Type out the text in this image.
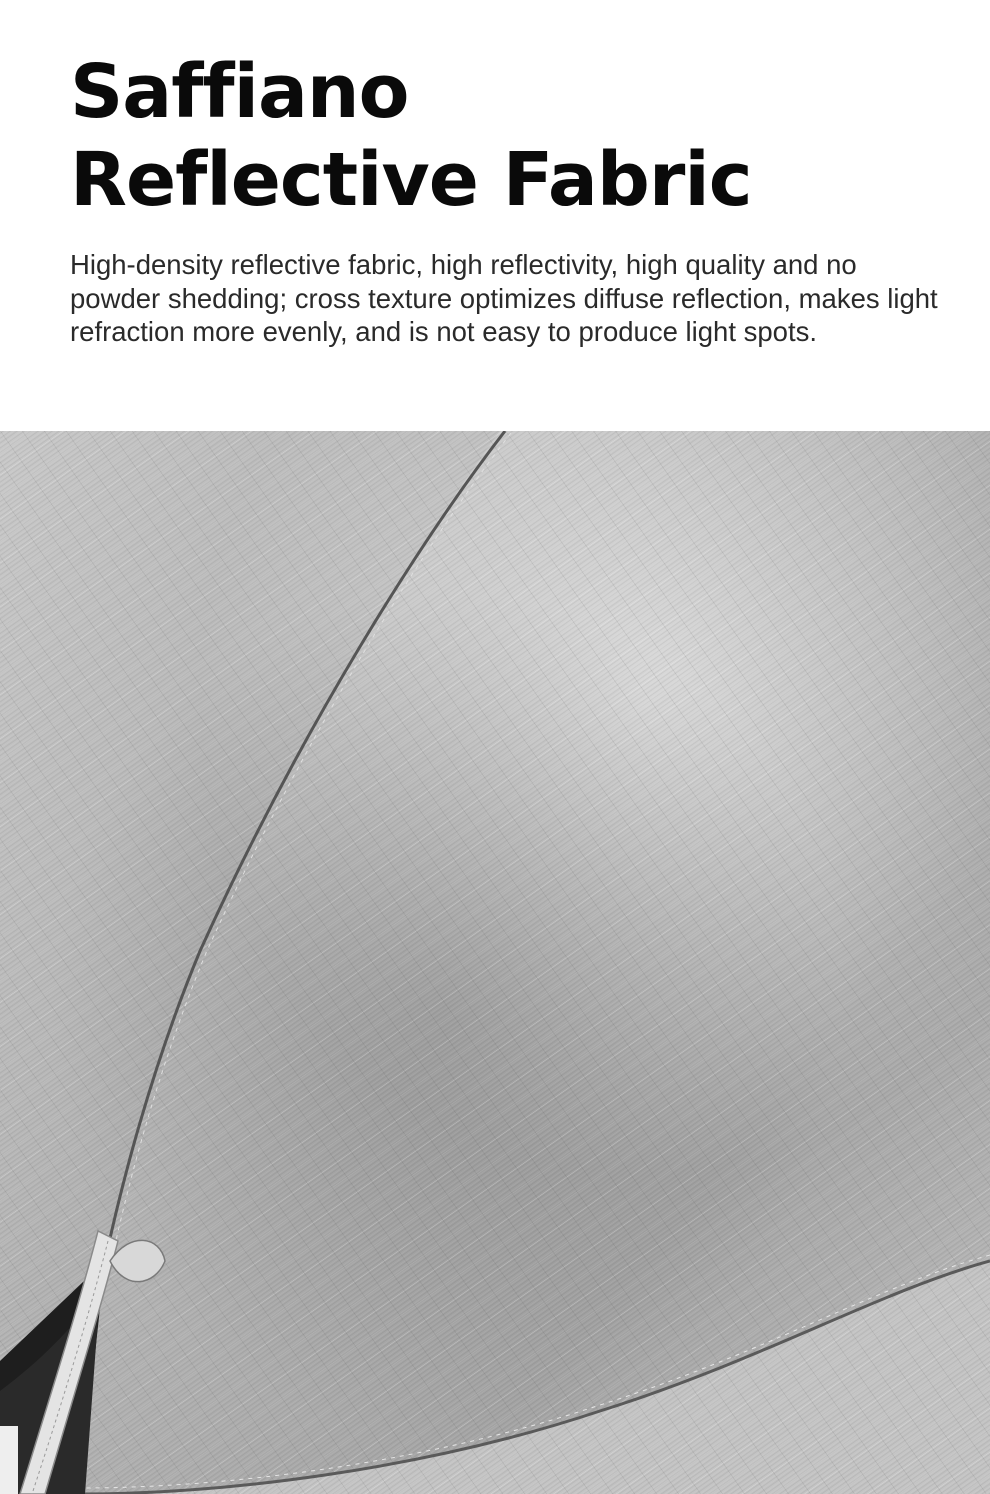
Saffiano
Reflective Fabric

High-density reflective fabric, high reflectivity, high quality and no powder shedding; cross texture optimizes diffuse reflection, makes light refraction more evenly, and is not easy to produce light spots.
